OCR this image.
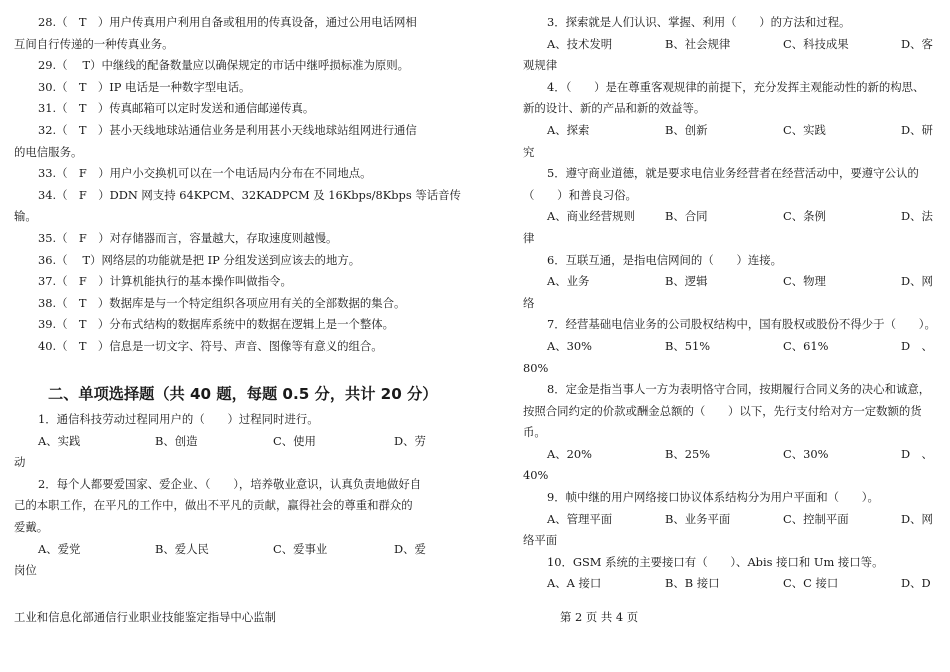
28.（　T　）用户传真用户利用自备或租用的传真设备，通过公用电话网相
互间自行传递的一种传真业务。
29.（　 T）中继线的配备数量应以确保规定的市话中继呼损标准为原则。
30.（　T　）IP 电话是一种数字型电话。
31.（　T　）传真邮箱可以定时发送和通信邮递传真。
32.（　T　）甚小天线地球站通信业务是利用甚小天线地球站组网进行通信
的电信服务。
33.（　F　）用户小交换机可以在一个电话局内分布在不同地点。
34.（　F　）DDN 网支持 64KPCM、32KADPCM 及 16Kbps/8Kbps 等话音传
输。
35.（　F　）对存储器而言，容量越大，存取速度则越慢。
36.（　 T）网络层的功能就是把 IP 分组发送到应该去的地方。
37.（　F　）计算机能执行的基本操作叫做指令。
38.（　T　）数据库是与一个特定组织各项应用有关的全部数据的集合。
39.（　T　）分布式结构的数据库系统中的数据在逻辑上是一个整体。
40.（　T　）信息是一切文字、符号、声音、图像等有意义的组合。
二、单项选择题（共 40 题，每题 0.5 分，共计 20 分）
1．通信科技劳动过程同用户的（　　）过程同时进行。
A、实践	B、创造	C、使用	D、劳
动
2．每个人都要爱国家、爱企业、（　　），培养敬业意识，认真负责地做好自
己的本职工作，在平凡的工作中，做出不平凡的贡献，赢得社会的尊重和群众的
爱戴。
A、爱党	B、爱人民	C、爱事业	D、爱
岗位
3．探索就是人们认识、掌握、利用（　　）的方法和过程。
A、技术发明	B、社会规律	C、科技成果	D、客
观规律
4．（　　）是在尊重客观规律的前提下，充分发挥主观能动性的新的构思、
新的设计、新的产品和新的效益等。
A、探索	B、创新	C、实践	D、研
究
5．遵守商业道德，就是要求电信业务经营者在经营活动中，要遵守公认的
（　　）和善良习俗。
A、商业经营规则	B、合同	C、条例	D、法
律
6．互联互通，是指电信网间的（　　）连接。
A、业务	B、逻辑	C、物理	D、网
络
7．经营基础电信业务的公司股权结构中，国有股权或股份不得少于（　　）。
A、30%	B、51%	C、61%	D　、
80%
8．定金是指当事人一方为表明恪守合同，按期履行合同义务的决心和诚意，
按照合同约定的价款或酬金总额的（　　）以下，先行支付给对方一定数额的货
币。
A、20%	B、25%	C、30%	D　、
40%
9．帧中继的用户网络接口协议体系结构分为用户平面和（　　）。
A、管理平面	B、业务平面	C、控制平面	D、网
络平面
10．GSM 系统的主要接口有（　　）、Abis 接口和 Um 接口等。
A、A 接口	B、B 接口	C、C 接口	D、D
工业和信息化部通信行业职业技能鉴定指导中心监制	第 2 页 共 4 页
